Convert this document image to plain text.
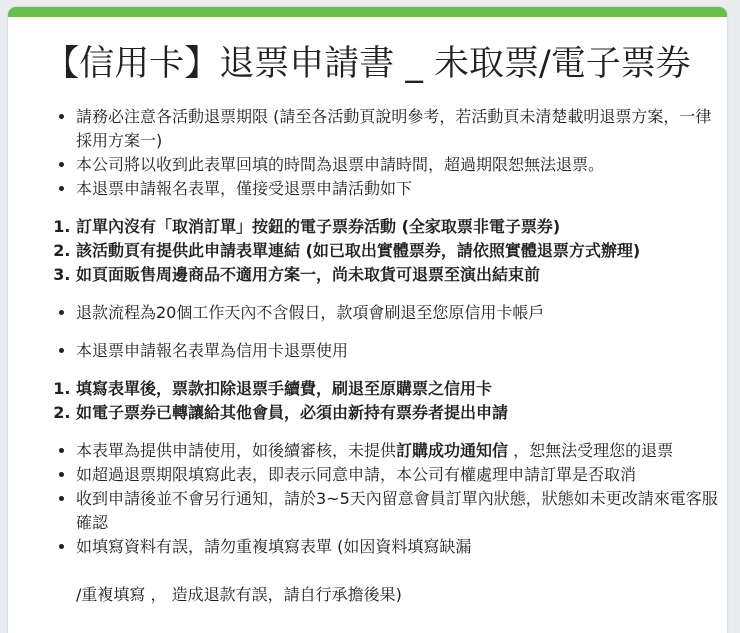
【信用卡】退票申請書 _ 未取票/電子票券
• 請務必注意各活動退票期限 (請至各活動頁說明參考，若活動頁未清楚載明退票方案，一律採用方案一)
• 本公司將以收到此表單回填的時間為退票申請時間，超過期限恕無法退票。
• 本退票申請報名表單，僅接受退票申請活動如下
1. 訂單內沒有「取消訂單」按鈕的電子票券活動 (全家取票非電子票券)
2. 該活動頁有提供此申請表單連結 (如已取出實體票券，請依照實體退票方式辦理)
3. 如頁面販售周邊商品不適用方案一，尚未取貨可退票至演出結束前
• 退款流程為20個工作天內不含假日，款項會刷退至您原信用卡帳戶
• 本退票申請報名表單為信用卡退票使用
1. 填寫表單後，票款扣除退票手續費，刷退至原購票之信用卡
2. 如電子票券已轉讓給其他會員，必須由新持有票券者提出申請
• 本表單為提供申請使用，如後續審核，未提供訂購成功通知信 ，恕無法受理您的退票
• 如超過退票期限填寫此表，即表示同意申請，本公司有權處理申請訂單是否取消
• 收到申請後並不會另行通知，請於3~5天內留意會員訂單內狀態，狀態如未更改請來電客服確認
• 如填寫資料有誤，請勿重複填寫表單 (如因資料填寫缺漏
/重複填寫 ， 造成退款有誤，請自行承擔後果)
